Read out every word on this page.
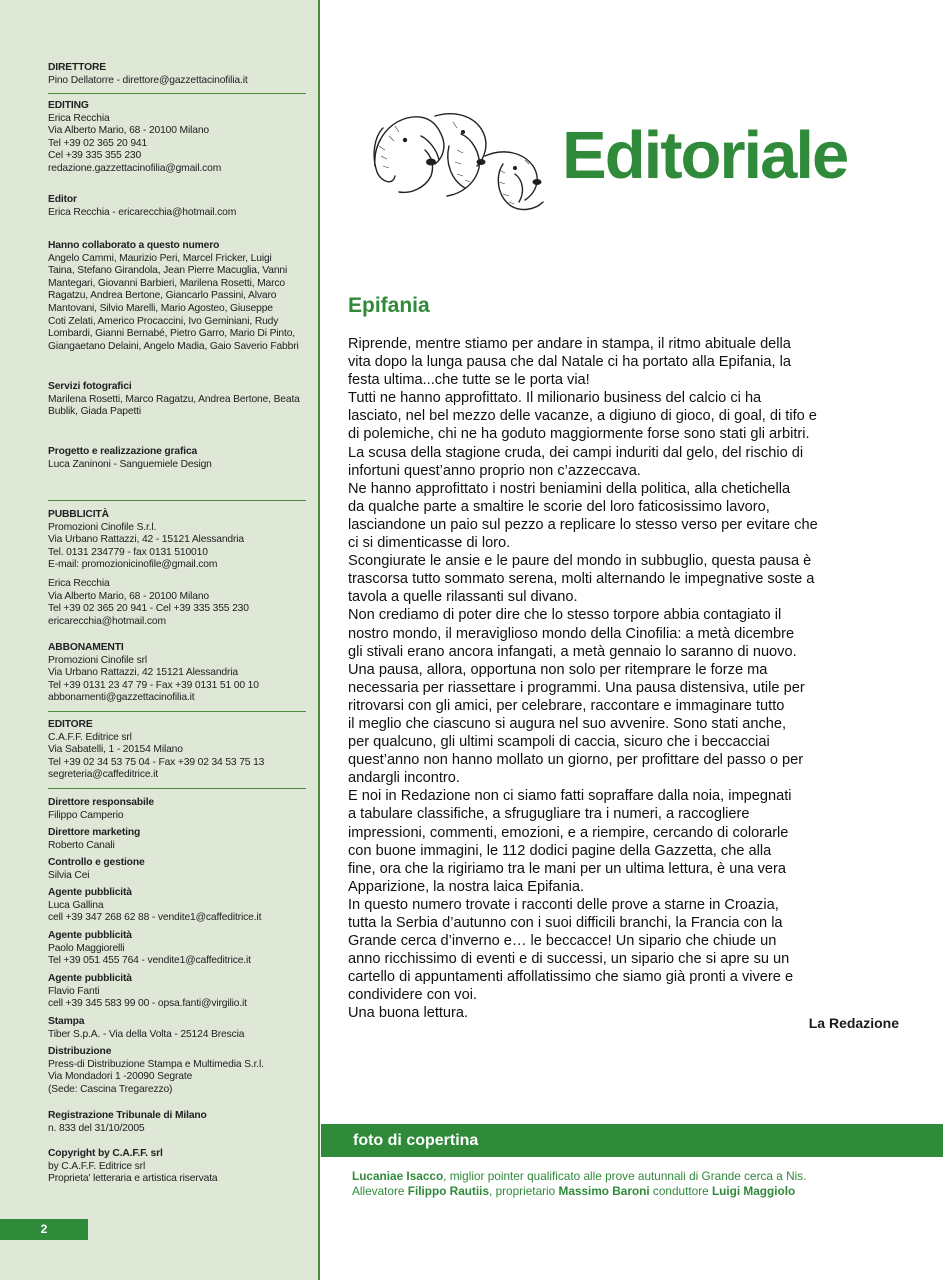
DIRETTORE
Pino Dellatorre - direttore@gazzettacinofilia.it
EDITING
Erica Recchia
Via Alberto Mario, 68 - 20100 Milano
Tel +39 02 365 20 941
Cel +39 335 355 230
redazione.gazzettacinofilia@gmail.com
Editor
Erica Recchia - ericarecchia@hotmail.com
Hanno collaborato a questo numero
Angelo Cammi, Maurizio Peri, Marcel Fricker, Luigi
Taina, Stefano Girandola, Jean Pierre Macuglia, Vanni
Mantegari, Giovanni Barbieri, Marilena Rosetti, Marco
Ragatzu, Andrea Bertone, Giancarlo Passini, Alvaro
Mantovani, Silvio Marelli, Mario Agosteo, Giuseppe
Coti Zelati, Americo Procaccini, Ivo Geminiani, Rudy
Lombardi, Gianni Bernabé, Pietro Garro, Mario Di Pinto,
Giangaetano Delaini, Angelo Madia, Gaio Saverio Fabbri
Servizi fotografici
Marilena Rosetti, Marco Ragatzu, Andrea Bertone, Beata
Bublik, Giada Papetti
Progetto e realizzazione grafica
Luca Zaninoni - Sanguemiele Design
PUBBLICITÀ
Promozioni Cinofile S.r.l.
Via Urbano Rattazzi, 42 - 15121 Alessandria
Tel. 0131 234779 - fax 0131 510010
E-mail: promozionicinofile@gmail.com
Erica Recchia
Via Alberto Mario, 68 - 20100 Milano
Tel +39 02 365 20 941 - Cel +39 335 355 230
ericarecchia@hotmail.com
ABBONAMENTI
Promozioni Cinofile srl
Via Urbano Rattazzi, 42 15121 Alessandria
Tel +39 0131 23 47 79 - Fax +39 0131 51 00 10
abbonamenti@gazzettacinofilia.it
EDITORE
C.A.F.F. Editrice srl
Via Sabatelli, 1 - 20154 Milano
Tel +39 02 34 53 75 04 - Fax +39 02 34 53 75 13
segreteria@caffeditrice.it
Direttore responsabile
Filippo Camperio
Direttore marketing
Roberto Canali
Controllo e gestione
Silvia Cei
Agente pubblicità
Luca Gallina
cell +39 347 268 62 88 - vendite1@caffeditrice.it
Agente pubblicità
Paolo Maggiorelli
Tel +39 051 455 764 - vendite1@caffeditrice.it
Agente pubblicità
Flavio Fanti
cell +39 345 583 99 00 - opsa.fanti@virgilio.it
Stampa
Tiber S.p.A. - Via della Volta - 25124 Brescia
Distribuzione
Press-di Distribuzione Stampa e Multimedia S.r.l.
Via Mondadori 1 -20090 Segrate
(Sede: Cascina Tregarezzo)
Registrazione Tribunale di Milano
n. 833 del 31/10/2005
Copyright by C.A.F.F. srl
by C.A.F.F. Editrice srl
Proprieta' letteraria e artistica riservata
2
Editoriale
Epifania
Riprende, mentre stiamo per andare in stampa, il ritmo abituale della
vita dopo la lunga pausa che dal Natale ci ha portato alla Epifania, la
festa ultima...che tutte se le porta via!
Tutti ne hanno approfittato. Il milionario business del calcio ci ha
lasciato, nel bel mezzo delle vacanze, a digiuno di gioco, di goal, di tifo e
di polemiche, chi ne ha goduto maggiormente forse sono stati gli arbitri.
La scusa della stagione cruda, dei campi induriti dal gelo, del rischio di
infortuni quest’anno proprio non c’azzeccava.
Ne hanno approfittato i nostri beniamini della politica, alla chetichella
da qualche parte a smaltire le scorie del loro faticosissimo lavoro,
lasciandone un paio sul pezzo a replicare lo stesso verso per evitare che
ci si dimenticasse di loro.
Scongiurate le ansie e le paure del mondo in subbuglio, questa pausa è
trascorsa tutto sommato serena, molti alternando le impegnative soste a
tavola a quelle rilassanti sul divano.
Non crediamo di poter dire che lo stesso torpore abbia contagiato il
nostro mondo, il meraviglioso mondo della Cinofilia: a metà dicembre
gli stivali erano ancora infangati, a metà gennaio lo saranno di nuovo.
Una pausa, allora, opportuna non solo per ritemprare le forze ma
necessaria per riassettare i programmi. Una pausa distensiva, utile per
ritrovarsi con gli amici, per celebrare, raccontare e immaginare tutto
il meglio che ciascuno si augura nel suo avvenire. Sono stati anche,
per qualcuno, gli ultimi scampoli di caccia, sicuro che i beccacciai
quest’anno non hanno mollato un giorno, per profittare del passo o per
andargli incontro.
E noi in Redazione non ci siamo fatti sopraffare dalla noia, impegnati
a tabulare classifiche, a sfrugugliare tra i numeri, a raccogliere
impressioni, commenti, emozioni, e a riempire, cercando di colorarle
con buone immagini, le 112 dodici pagine della Gazzetta, che alla
fine, ora che la rigiriamo tra le mani per un ultima lettura, è una vera
Apparizione, la nostra laica Epifania.
In questo numero trovate i racconti delle prove a starne in Croazia,
tutta la Serbia d’autunno con i suoi difficili branchi, la Francia con la
Grande cerca d’inverno e… le beccacce! Un sipario che chiude un
anno ricchissimo di eventi e di successi, un sipario che si apre su un
cartello di appuntamenti affollatissimo che siamo già pronti a vivere e
condividere con voi.
Una buona lettura.
La Redazione
foto di copertina
Lucaniae Isacco, miglior pointer qualificato alle prove autunnali di Grande cerca a Nis.
Allevatore Filippo Rautiis, proprietario Massimo Baroni conduttore Luigi Maggiolo
